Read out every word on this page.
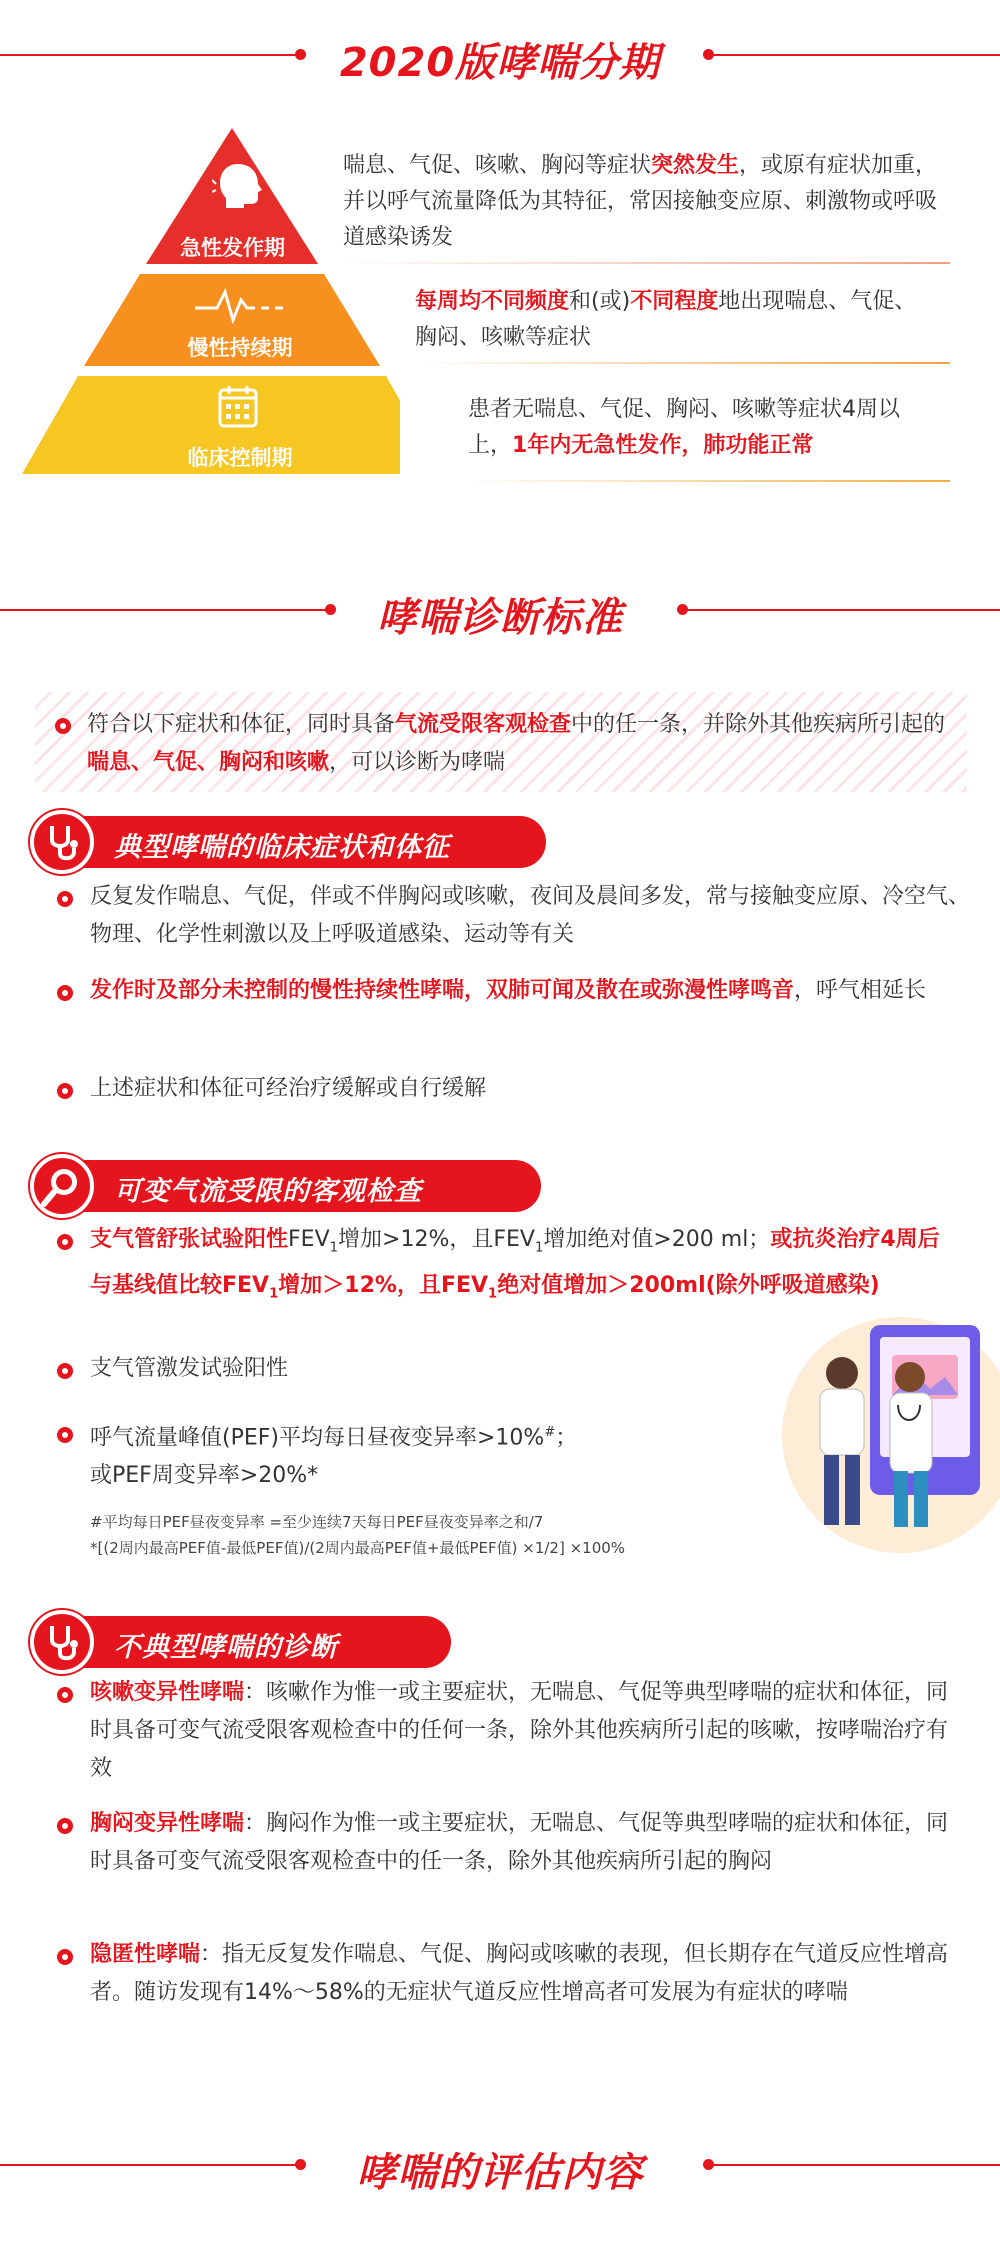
2020版哮喘分期
急性发作期
慢性持续期
临床控制期
喘息、气促、咳嗽、胸闷等症状突然发生，或原有症状加重，并以呼气流量降低为其特征，常因接触变应原、刺激物或呼吸道感染诱发
每周均不同频度和(或)不同程度地出现喘息、气促、胸闷、咳嗽等症状
患者无喘息、气促、胸闷、咳嗽等症状4周以上，1年内无急性发作，肺功能正常
哮喘诊断标准
符合以下症状和体征，同时具备气流受限客观检查中的任一条，并除外其他疾病所引起的喘息、气促、胸闷和咳嗽，可以诊断为哮喘
典型哮喘的临床症状和体征
反复发作喘息、气促，伴或不伴胸闷或咳嗽，夜间及晨间多发，常与接触变应原、冷空气、物理、化学性刺激以及上呼吸道感染、运动等有关
发作时及部分未控制的慢性持续性哮喘，双肺可闻及散在或弥漫性哮鸣音，呼气相延长
上述症状和体征可经治疗缓解或自行缓解
可变气流受限的客观检查
支气管舒张试验阳性$FEV_1$增加>12%，且$FEV_1$增加绝对值>200 ml；或抗炎治疗4周后与基线值比较$FEV_1$增加＞12%，且$FEV_1$绝对值增加＞200ml(除外呼吸道感染)
支气管激发试验阳性
呼气流量峰值(PEF)平均每日昼夜变异率>10%#；
或PEF周变异率>20%*
#平均每日PEF昼夜变异率 =至少连续7天每日PEF昼夜变异率之和/7
*[(2周内最高PEF值-最低PEF值)/(2周内最高PEF值+最低PEF值) ×1/2] ×100%
不典型哮喘的诊断
咳嗽变异性哮喘：咳嗽作为惟一或主要症状，无喘息、气促等典型哮喘的症状和体征，同时具备可变气流受限客观检查中的任何一条，除外其他疾病所引起的咳嗽，按哮喘治疗有效
胸闷变异性哮喘：胸闷作为惟一或主要症状，无喘息、气促等典型哮喘的症状和体征，同时具备可变气流受限客观检查中的任一条，除外其他疾病所引起的胸闷
隐匿性哮喘：指无反复发作喘息、气促、胸闷或咳嗽的表现，但长期存在气道反应性增高者。随访发现有14%～58%的无症状气道反应性增高者可发展为有症状的哮喘
哮喘的评估内容
